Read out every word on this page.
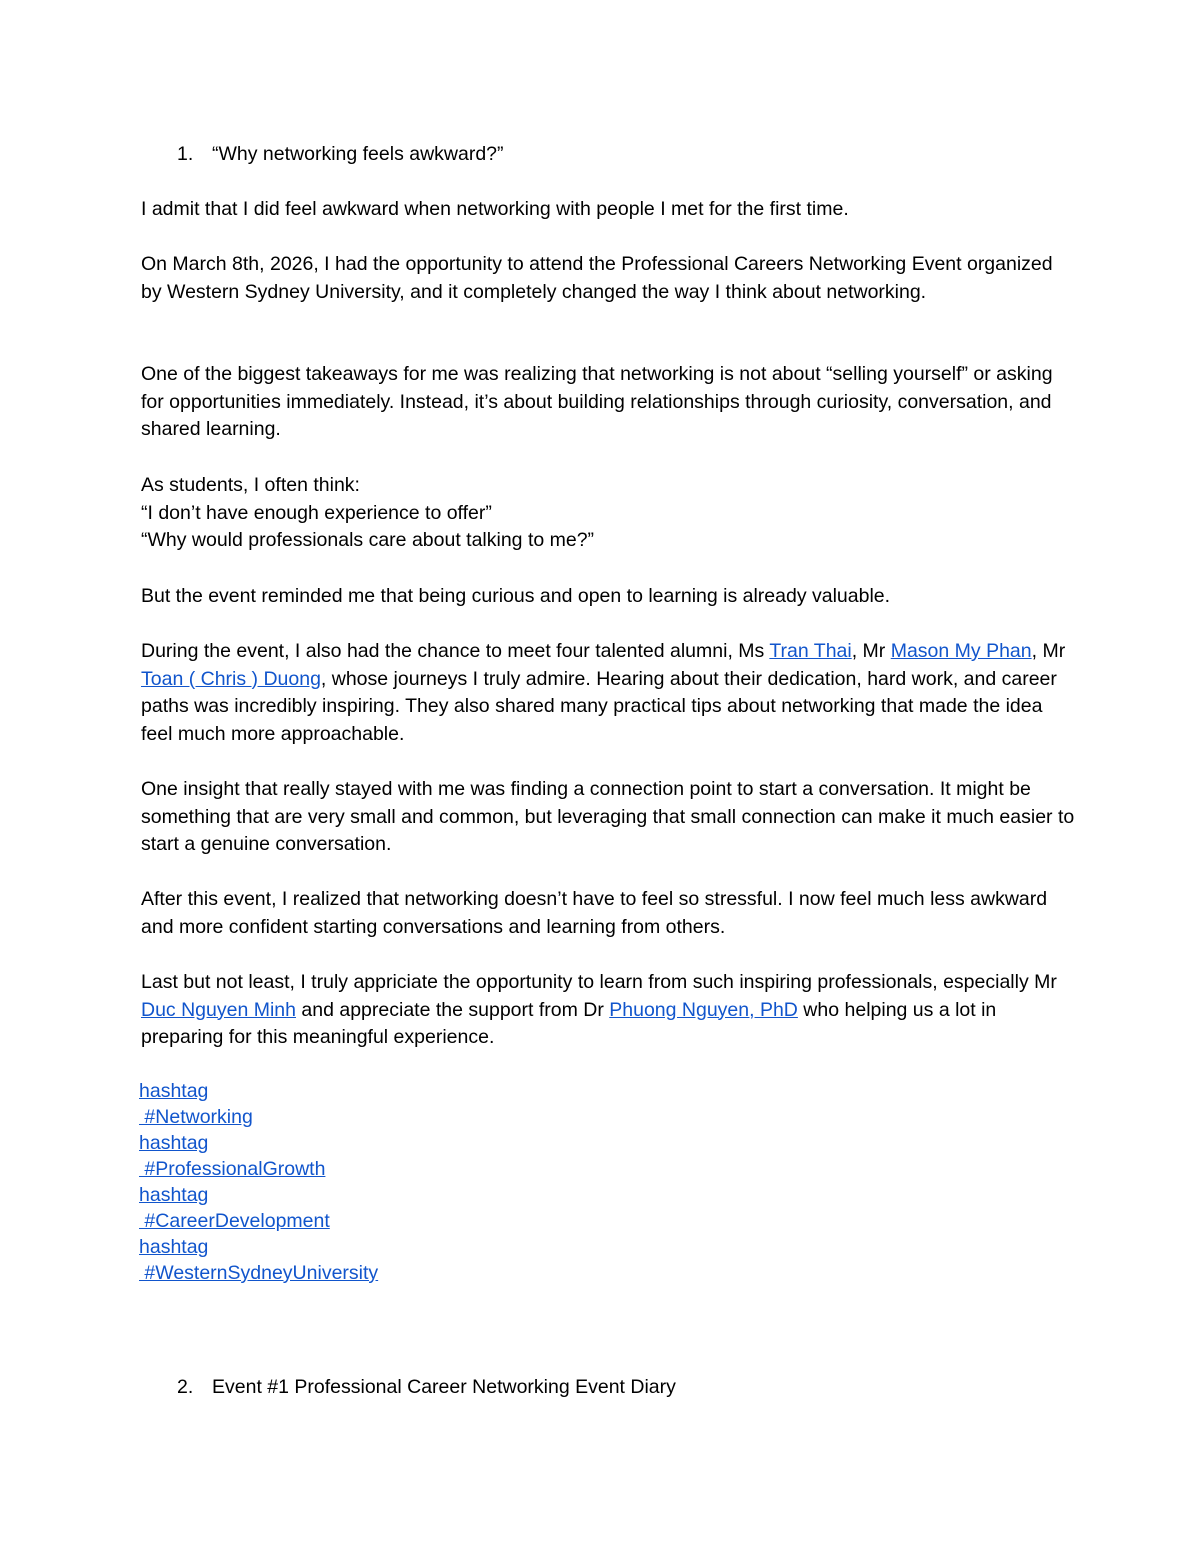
1. “Why networking feels awkward?”

I admit that I did feel awkward when networking with people I met for the first time.

On March 8th, 2026, I had the opportunity to attend the Professional Careers Networking Event organized by Western Sydney University, and it completely changed the way I think about networking.

One of the biggest takeaways for me was realizing that networking is not about “selling yourself” or asking for opportunities immediately. Instead, it’s about building relationships through curiosity, conversation, and shared learning.

As students, I often think:
“I don’t have enough experience to offer”
“Why would professionals care about talking to me?”

But the event reminded me that being curious and open to learning is already valuable.

During the event, I also had the chance to meet four talented alumni, Ms Tran Thai, Mr Mason My Phan, Mr Toan ( Chris ) Duong, whose journeys I truly admire. Hearing about their dedication, hard work, and career paths was incredibly inspiring. They also shared many practical tips about networking that made the idea feel much more approachable.

One insight that really stayed with me was finding a connection point to start a conversation. It might be something that are very small and common, but leveraging that small connection can make it much easier to start a genuine conversation.

After this event, I realized that networking doesn’t have to feel so stressful. I now feel much less awkward and more confident starting conversations and learning from others.

Last but not least, I truly appriciate the opportunity to learn from such inspiring professionals, especially Mr Duc Nguyen Minh and appreciate the support from Dr Phuong Nguyen, PhD who helping us a lot in preparing for this meaningful experience.

hashtag
#Networking
hashtag
#ProfessionalGrowth
hashtag
#CareerDevelopment
hashtag
#WesternSydneyUniversity
2. Event #1 Professional Career Networking Event Diary
